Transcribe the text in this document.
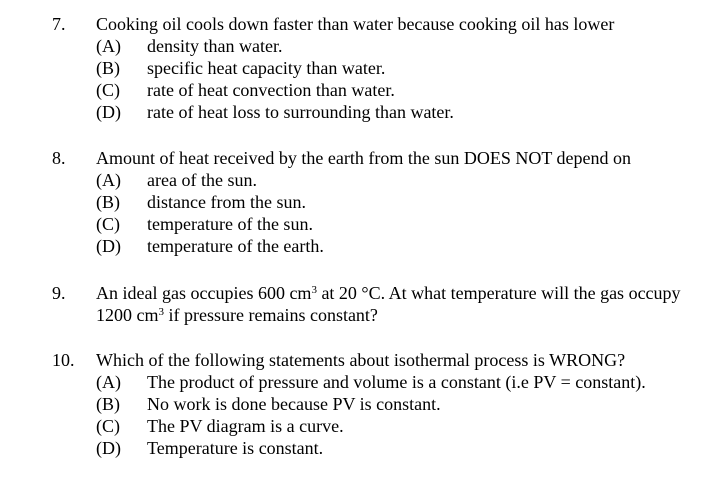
7. Cooking oil cools down faster than water because cooking oil has lower
(A) density than water.
(B) specific heat capacity than water.
(C) rate of heat convection than water.
(D) rate of heat loss to surrounding than water.
8. Amount of heat received by the earth from the sun DOES NOT depend on
(A) area of the sun.
(B) distance from the sun.
(C) temperature of the sun.
(D) temperature of the earth.
9. An ideal gas occupies 600 $cm^3$ at 20 °C. At what temperature will the gas occupy
1200 $cm^3$ if pressure remains constant?
10. Which of the following statements about isothermal process is WRONG?
(A) The product of pressure and volume is a constant (i.e PV = constant).
(B) No work is done because PV is constant.
(C) The PV diagram is a curve.
(D) Temperature is constant.
